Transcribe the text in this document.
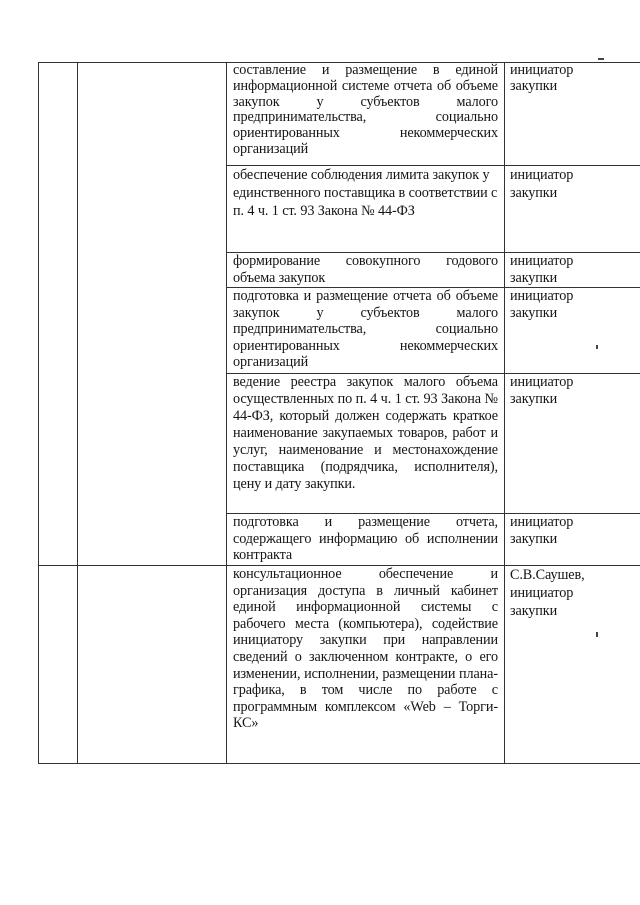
составление и размещение в единой информационной системе отчета об объеме закупок у субъектов малого предпринимательства, социально ориентированных некоммерческих организаций

инициатор закупки

обеспечение соблюдения лимита закупок у единственного поставщика в соответствии с п. 4 ч. 1 ст. 93 Закона № 44-ФЗ

инициатор закупки

формирование совокупного годового объема закупок

инициатор закупки

подготовка и размещение отчета об объеме закупок у субъектов малого предпринимательства, социально ориентированных некоммерческих организаций

инициатор закупки

ведение реестра закупок малого объема осуществленных по п. 4 ч. 1 ст. 93 Закона № 44-ФЗ, который должен содержать краткое наименование закупаемых товаров, работ и услуг, наименование и местонахождение поставщика (подрядчика, исполнителя), цену и дату закупки.

инициатор закупки

подготовка и размещение отчета, содержащего информацию об исполнении контракта

инициатор закупки

консультационное обеспечение и организация доступа в личный кабинет единой информационной системы с рабочего места (компьютера), содействие инициатору закупки при направлении сведений о заключенном контракте, о его изменении, исполнении, размещении плана-графика, в том числе по работе с программным комплексом «Web – Торги-КС»

С.В.Саушев, инициатор закупки
